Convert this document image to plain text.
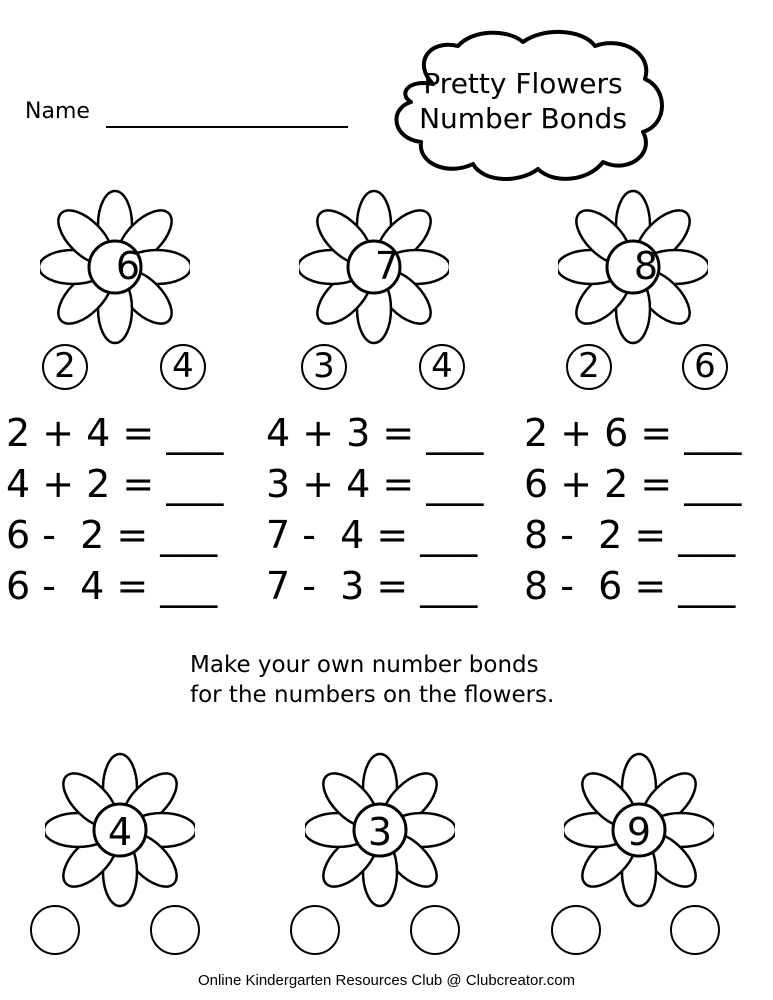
Name
Pretty Flowers
Number Bonds
6	7	8
2	4	3	4	2	6
2 + 4 = ___
4 + 2 = ___
6 -  2 = ___
6 -  4 = ___
4 + 3 = ___
3 + 4 = ___
7 -  4 = ___
7 -  3 = ___
2 + 6 = ___
6 + 2 = ___
8 -  2 = ___
8 -  6 = ___
Make your own number bonds
for the numbers on the flowers.
4	3	9
Online Kindergarten Resources Club @ Clubcreator.com
